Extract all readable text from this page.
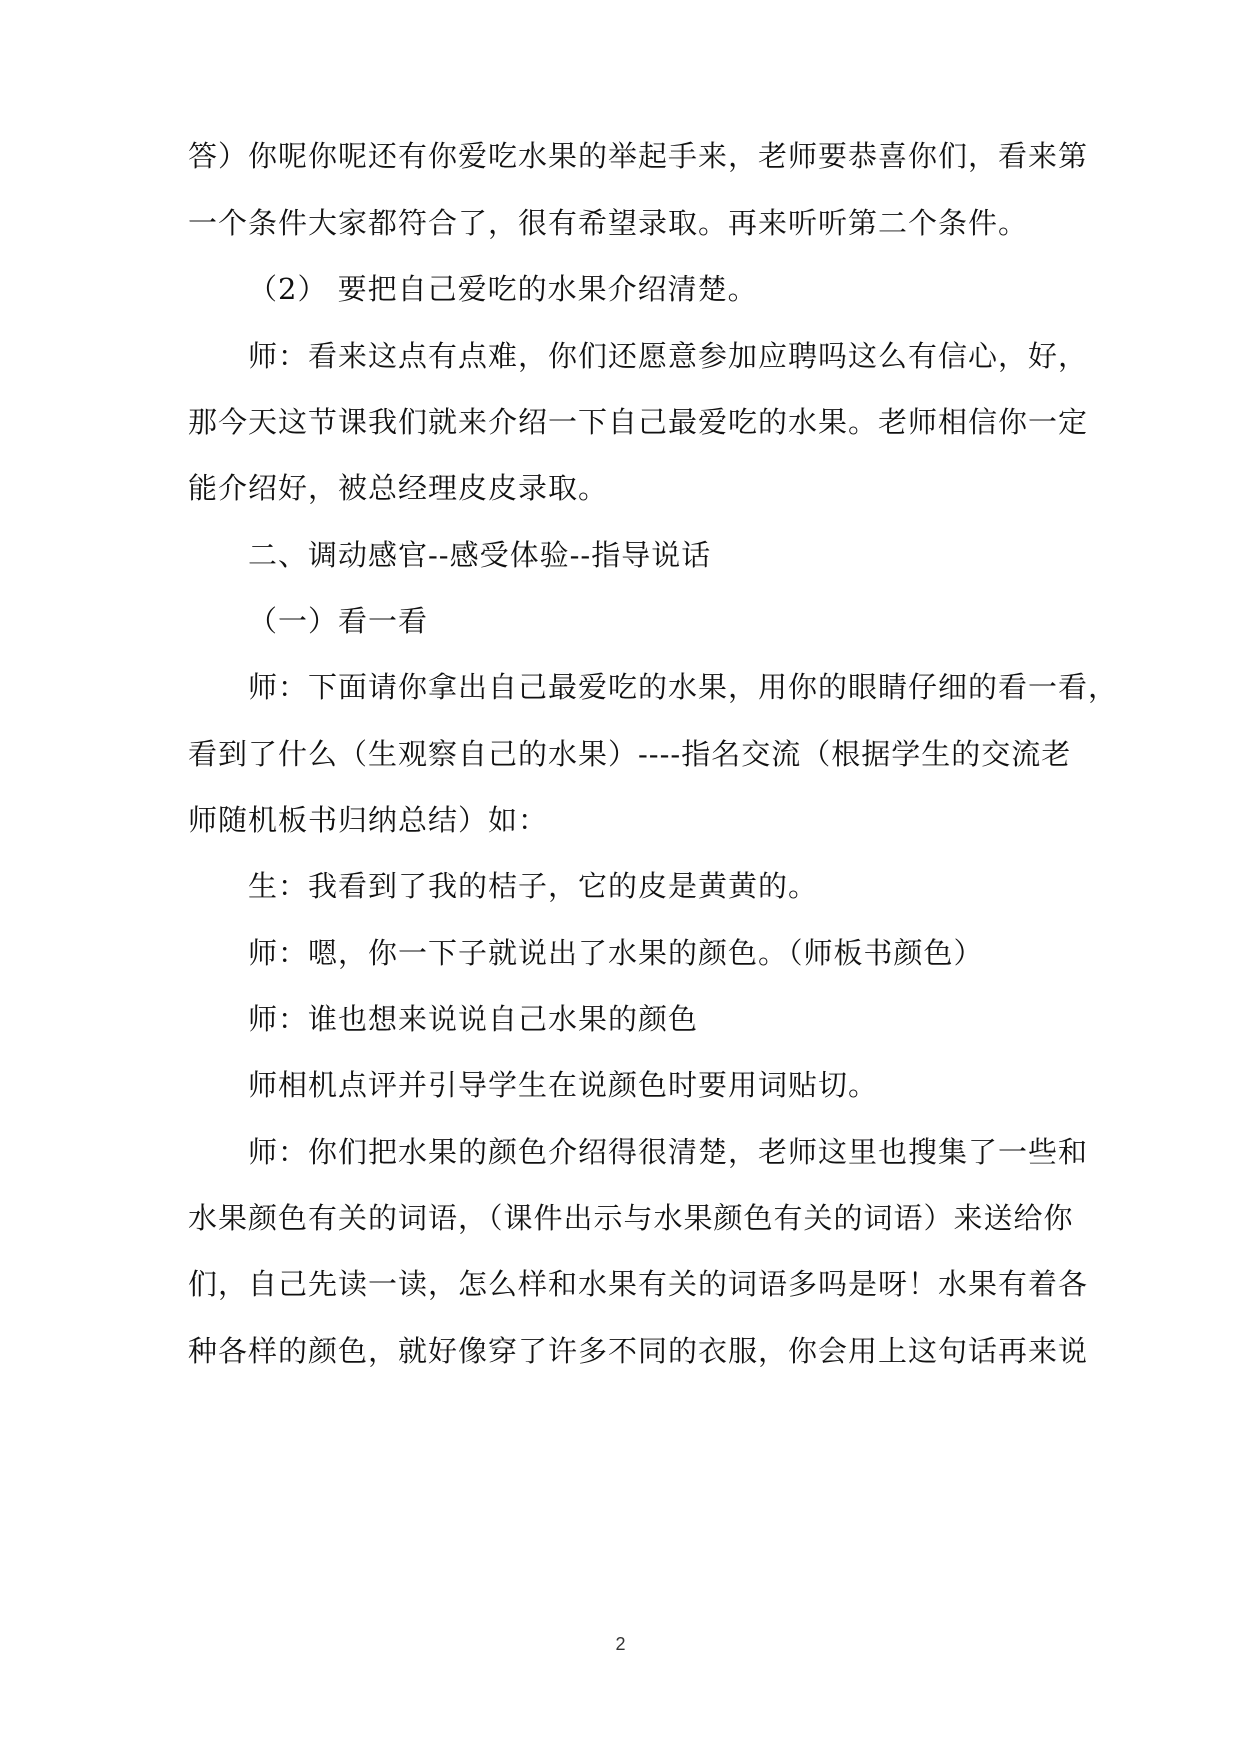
答）你呢你呢还有你爱吃水果的举起手来，老师要恭喜你们，看来第
一个条件大家都符合了，很有希望录取。再来听听第二个条件。
（2） 要把自己爱吃的水果介绍清楚。
师：看来这点有点难，你们还愿意参加应聘吗这么有信心，好，
那今天这节课我们就来介绍一下自己最爱吃的水果。老师相信你一定
能介绍好，被总经理皮皮录取。
二、调动感官--感受体验--指导说话
（一）看一看
师：下面请你拿出自己最爱吃的水果，用你的眼睛仔细的看一看，
看到了什么（生观察自己的水果）----指名交流（根据学生的交流老
师随机板书归纳总结）如：
生：我看到了我的桔子，它的皮是黄黄的。
师：嗯，你一下子就说出了水果的颜色。（师板书颜色）
师：谁也想来说说自己水果的颜色
师相机点评并引导学生在说颜色时要用词贴切。
师：你们把水果的颜色介绍得很清楚，老师这里也搜集了一些和
水果颜色有关的词语，（课件出示与水果颜色有关的词语）来送给你
们，自己先读一读，怎么样和水果有关的词语多吗是呀！水果有着各
种各样的颜色，就好像穿了许多不同的衣服，你会用上这句话再来说
2
